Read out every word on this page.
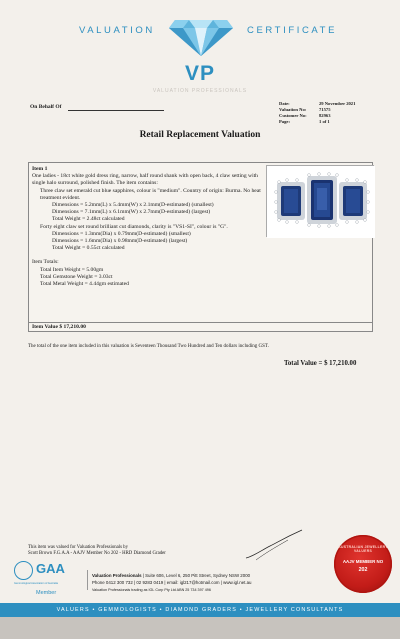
VALUATION	CERTIFICATE
VP
VALUATION PROFESSIONALS
On Behalf Of
Date:	29 November 2021
Valuation No:	71575
Customer No:	82963
Page:	1 of 1
Retail Replacement Valuation
Item 1
One ladies - 18ct white gold dress ring, narrow, half round shank with open back, 4 claw setting with single halo surround, polished finish. The item contains:
Three claw set emerald cut blue sapphires, colour is "medium". Country of origin: Burma. No heat treatment evident.
Dimensions = 5.2mm(L) x 5.4mm(W) x 2.1mm(D-estimated) (smallest)
Dimensions = 7.1mm(L) x 6.1mm(W) x 2.7mm(D-estimated) (largest)
Total Weight = 2.48ct calculated
Forty eight claw set round brilliant cut diamonds, clarity is "VS1-SI", colour is "G".
Dimensions = 1.3mm(Dia) x 0.79mm(D-estimated) (smallest)
Dimensions = 1.6mm(Dia) x 0.98mm(D-estimated) (largest)
Total Weight = 0.55ct calculated
Item Totals:
Total Item Weight = 5.00gm
Total Gemstone Weight = 3.03ct
Total Metal Weight = 4.44gm estimated
Item Value $ 17,210.00
The total of the one item included in this valuation is Seventeen Thousand Two Hundred and Ten dollars including GST.
Total Value = $ 17,210.00
This item was valued for Valuation Professionals by
Scott Brown F.G.A.A - AAJV Member No 202 - HRD Diamond Grader
GAA
Gemmological Association of Australia
Member
Valuation Professionals | Suite 606, Level 6, 250 Pitt Street, Sydney NSW 2000
Phone 0412 300 732 | 02 9283 0419 | email: igl217@hotmail.com | www.igl.net.au
Valuation Professionals trading as IGL Corp Pty Ltd ABN 25 734 397 496
AUSTRALIAN JEWELLERY VALUERS
AAJV MEMBER NO
202
VALUERS • GEMMOLOGISTS • DIAMOND GRADERS • JEWELLERY CONSULTANTS
